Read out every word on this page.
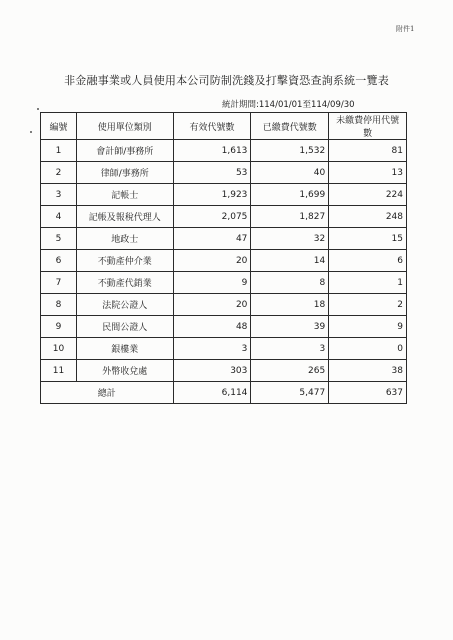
附件1
非金融事業或人員使用本公司防制洗錢及打擊資恐查詢系統一覽表
統計期間:114/01/01至114/09/30
編號	使用單位類別	有效代號數	已繳費代號數	未繳費停用代號數
1	會計師/事務所	1,613	1,532	81
2	律師/事務所	53	40	13
3	記帳士	1,923	1,699	224
4	記帳及報稅代理人	2,075	1,827	248
5	地政士	47	32	15
6	不動產仲介業	20	14	6
7	不動產代銷業	9	8	1
8	法院公證人	20	18	2
9	民間公證人	48	39	9
10	銀樓業	3	3	0
11	外幣收兌處	303	265	38
總計		6,114	5,477	637
